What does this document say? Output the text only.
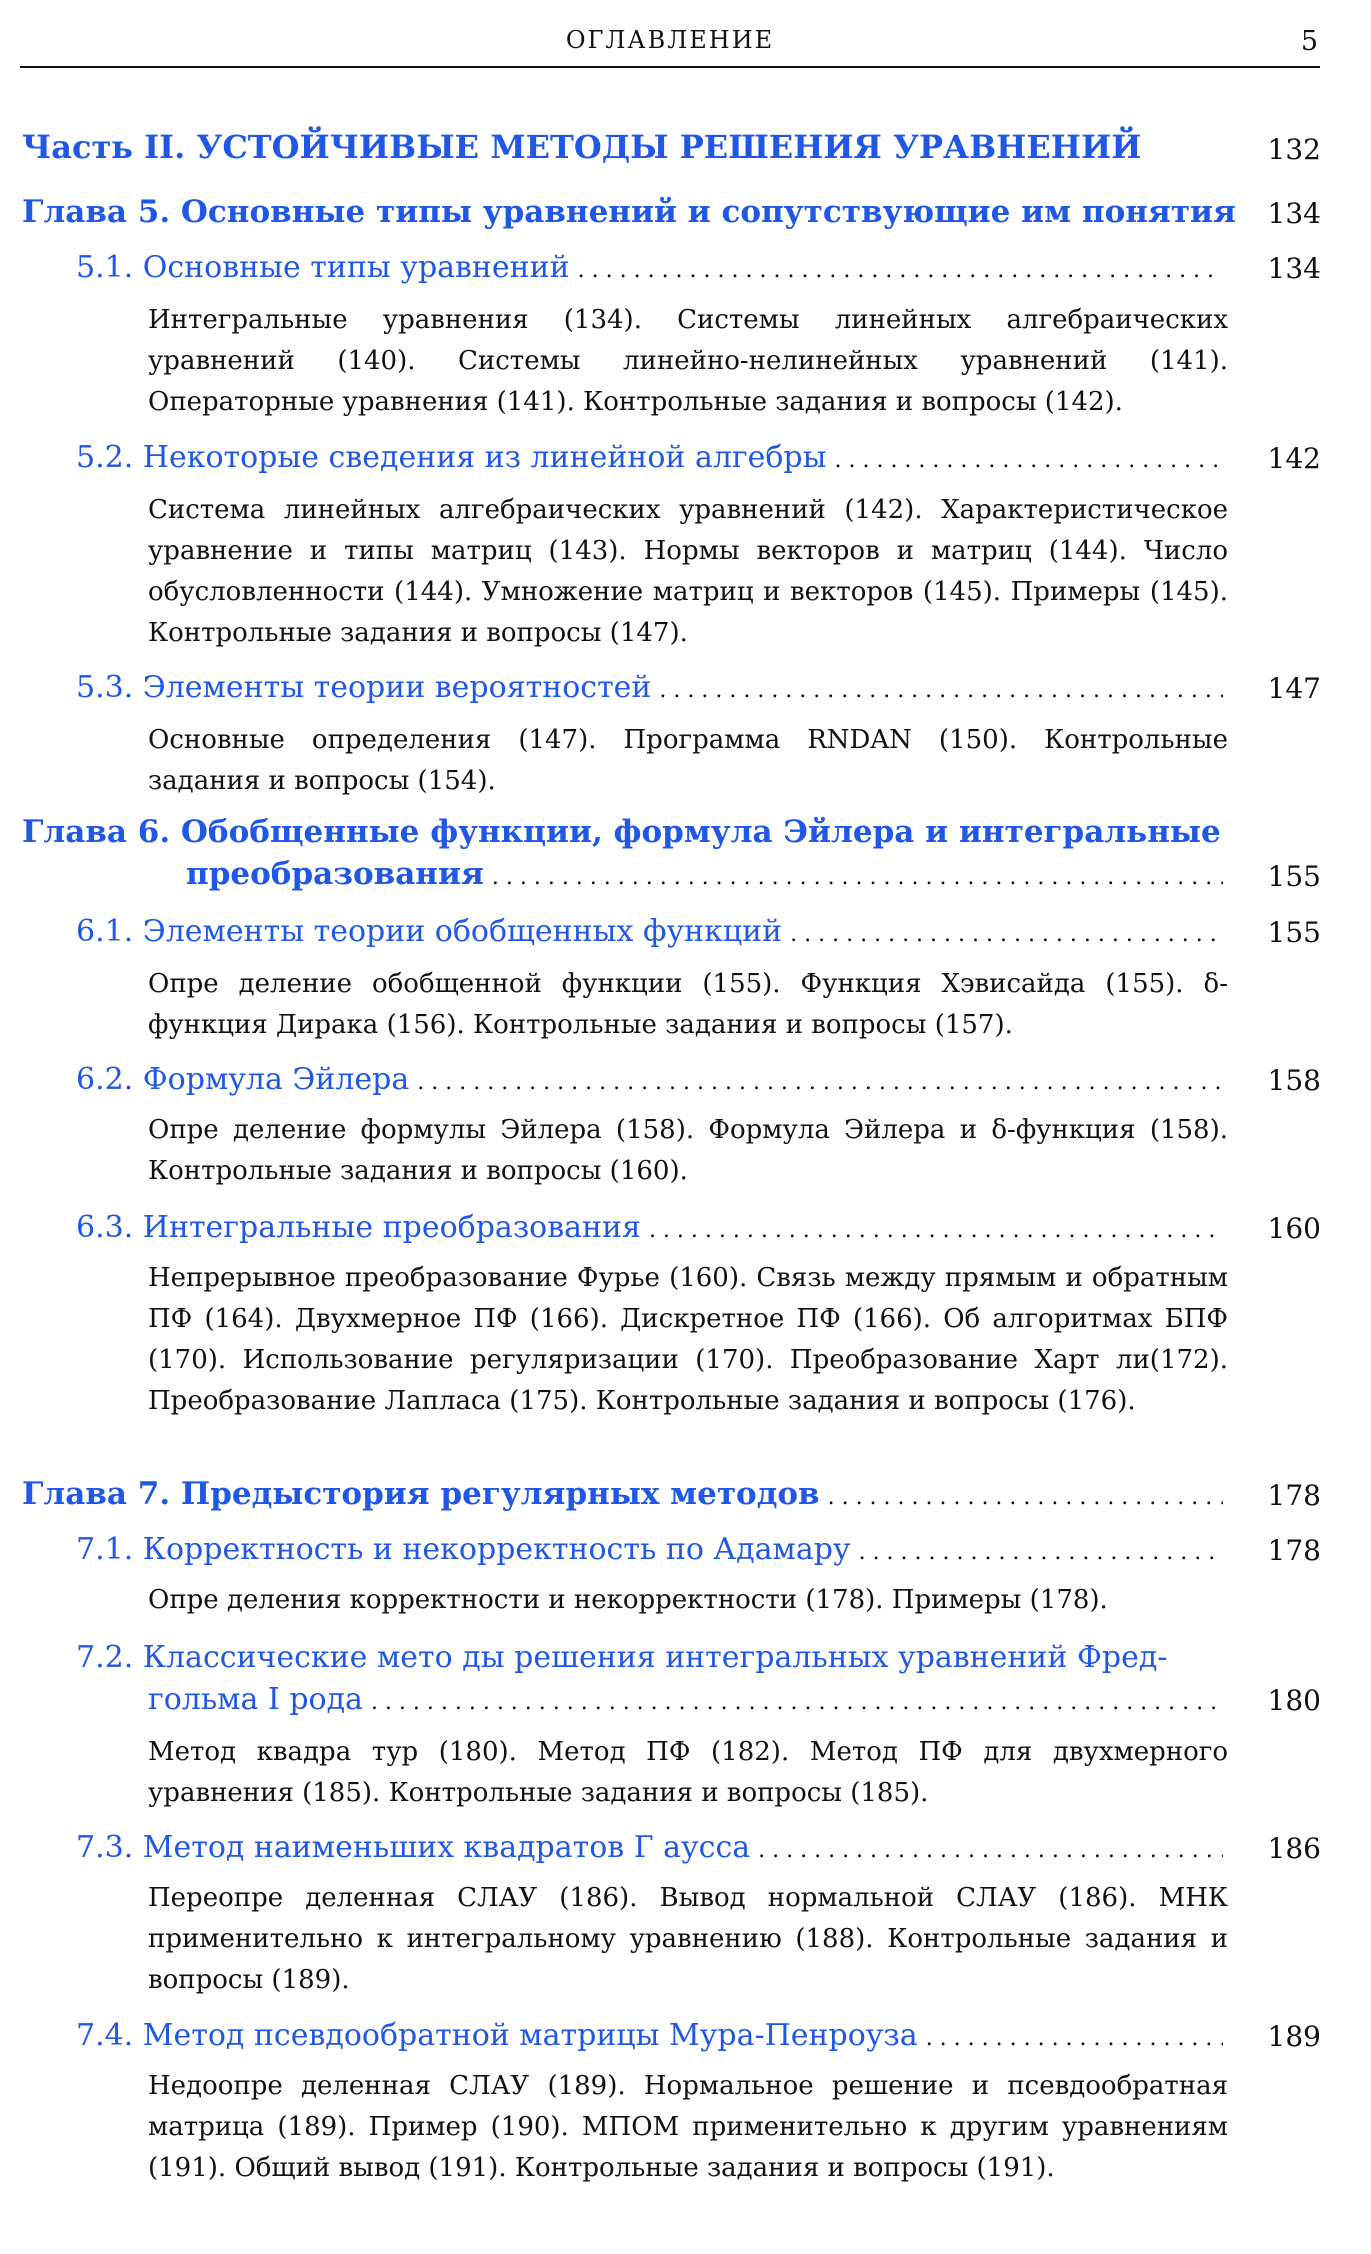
ОГЛАВЛЕНИЕ	5
Часть II. УСТОЙЧИВЫЕ МЕТОДЫ РЕШЕНИЯ УРАВНЕНИЙ	132
Глава 5. Основные типы уравнений и сопутствующие им понятия 134
5.1. Основные типы уравнений . . .	134
Интегральные уравнения (134). Системы линейных алгебраических уравнений (140). Системы линейно-нелинейных уравнений (141). Операторные уравнения (141). Контрольные задания и вопросы (142).
5.2. Некоторые сведения из линейной алгебры . . .	142
Система линейных алгебраических уравнений (142). Характеристическое уравнение и типы матриц (143). Нормы векторов и матриц (144). Число обусловленности (144). Умножение матриц и векторов (145). Примеры (145). Контрольные задания и вопросы (147).
5.3. Элементы теории вероятностей . . .	147
Основные определения (147). Программа RNDAN (150). Контрольные задания и вопросы (154).
Глава 6. Обобщенные функции, формула Эйлера и интегральные
преобразования . . .	155
6.1. Элементы теории обобщенных функций . . .	155
Опре деление обобщенной функции (155). Функция Хэвисайда (155). δ-функция Дирака (156). Контрольные задания и вопросы (157).
6.2. Формула Эйлера . . .	158
Опре деление формулы Эйлера (158). Формула Эйлера и δ-функция (158). Контрольные задания и вопросы (160).
6.3. Интегральные преобразования . . .	160
Непрерывное преобразование Фурье (160). Связь между прямым и обратным ПФ (164). Двухмерное ПФ (166). Дискретное ПФ (166). Об алгоритмах БПФ (170). Использование регуляризации (170). Преобразование Харт ли(172). Преобразование Лапласа (175). Контрольные задания и вопросы (176).
Глава 7. Предыстория регулярных методов . . .	178
7.1. Корректность и некорректность по Адамару . . .	178
Опре деления корректности и некорректности (178). Примеры (178).
7.2. Классические мето ды решения интегральных уравнений Фред-
гольма I рода . . .	180
Метод квадра тур (180). Метод ПФ (182). Метод ПФ для двухмерного уравнения (185). Контрольные задания и вопросы (185).
7.3. Метод наименьших квадратов Г аусса . . .	186
Переопре деленная СЛАУ (186). Вывод нормальной СЛАУ (186). МНК применительно к интегральному уравнению (188). Контрольные задания и вопросы (189).
7.4. Метод псевдообратной матрицы Мура-Пенроуза . . .	189
Недоопре деленная СЛАУ (189). Нормальное решение и псевдообратная матрица (189). Пример (190). МПОМ применительно к другим уравнениям (191). Общий вывод (191). Контрольные задания и вопросы (191).
